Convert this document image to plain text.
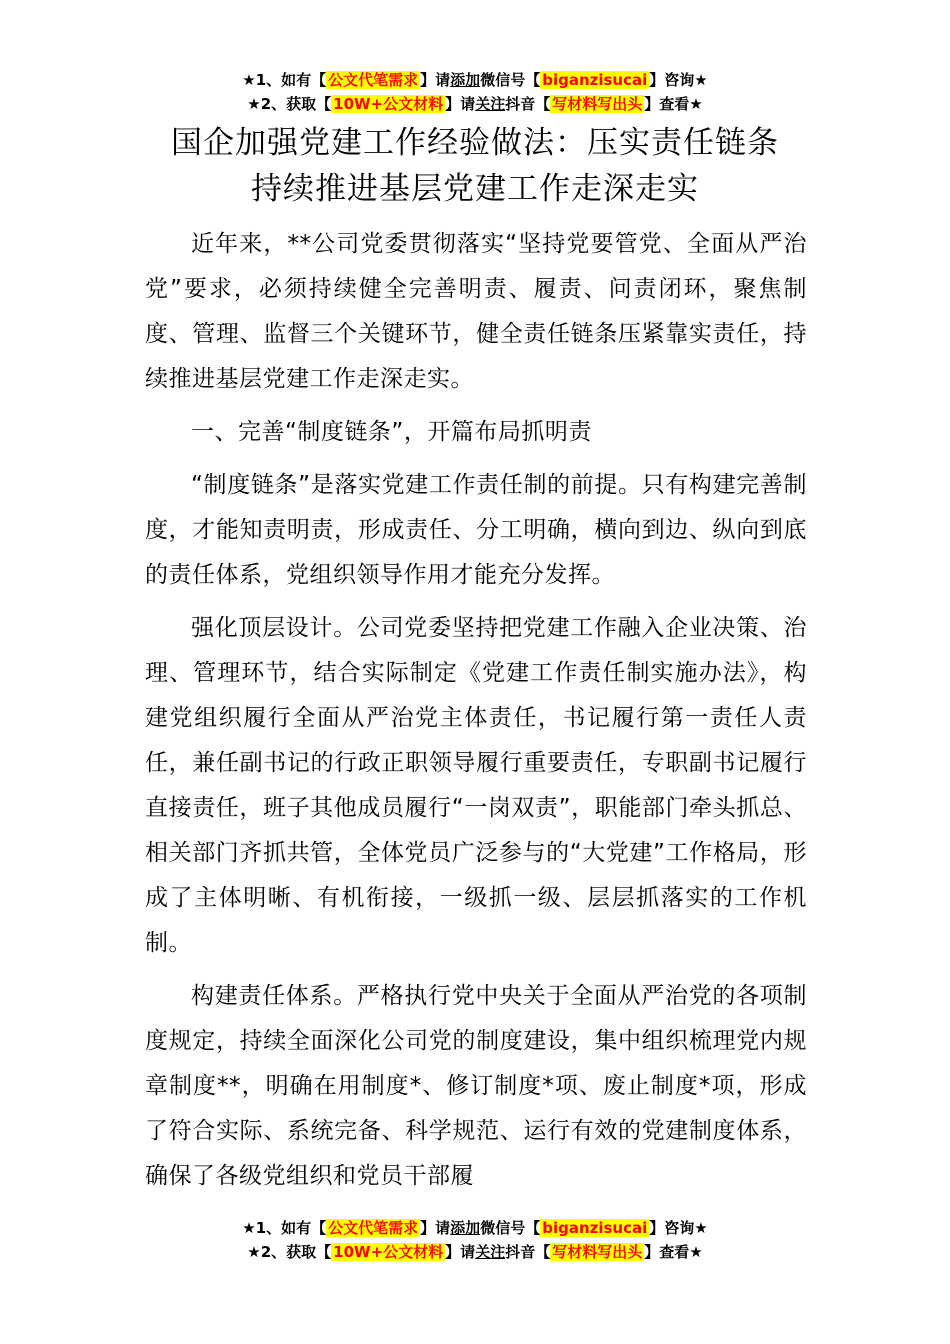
★1、如有【 公文代笔需求 】请添加微信号【 biganzisucai 】咨询★
★2、获取【 10W+公文材料 】请关注抖音【 写材料写出头 】查看★
国企加强党建工作经验做法：压实责任链条
持续推进基层党建工作走深走实

近年来，**公司党委贯彻落实“坚持党要管党、全面从严治党”要求，必须持续健全完善明责、履责、问责闭环，聚焦制度、管理、监督三个关键环节，健全责任链条压紧靠实责任，持续推进基层党建工作走深走实。

一、完善“制度链条”，开篇布局抓明责

“制度链条”是落实党建工作责任制的前提。只有构建完善制度，才能知责明责，形成责任、分工明确，横向到边、纵向到底的责任体系，党组织领导作用才能充分发挥。

强化顶层设计。公司党委坚持把党建工作融入企业决策、治理、管理环节，结合实际制定《党建工作责任制实施办法》，构建党组织履行全面从严治党主体责任，书记履行第一责任人责任，兼任副书记的行政正职领导履行重要责任，专职副书记履行直接责任，班子其他成员履行“一岗双责”，职能部门牵头抓总、相关部门齐抓共管，全体党员广泛参与的“大党建”工作格局，形成了主体明晰、有机衔接，一级抓一级、层层抓落实的工作机制。

构建责任体系。严格执行党中央关于全面从严治党的各项制度规定，持续全面深化公司党的制度建设，集中组织梳理党内规章制度**，明确在用制度*、修订制度*项、废止制度*项，形成了符合实际、系统完备、科学规范、运行有效的党建制度体系，确保了各级党组织和党员干部履

★1、如有【 公文代笔需求 】请添加微信号【 biganzisucai 】咨询★
★2、获取【 10W+公文材料 】请关注抖音【 写材料写出头 】查看★
